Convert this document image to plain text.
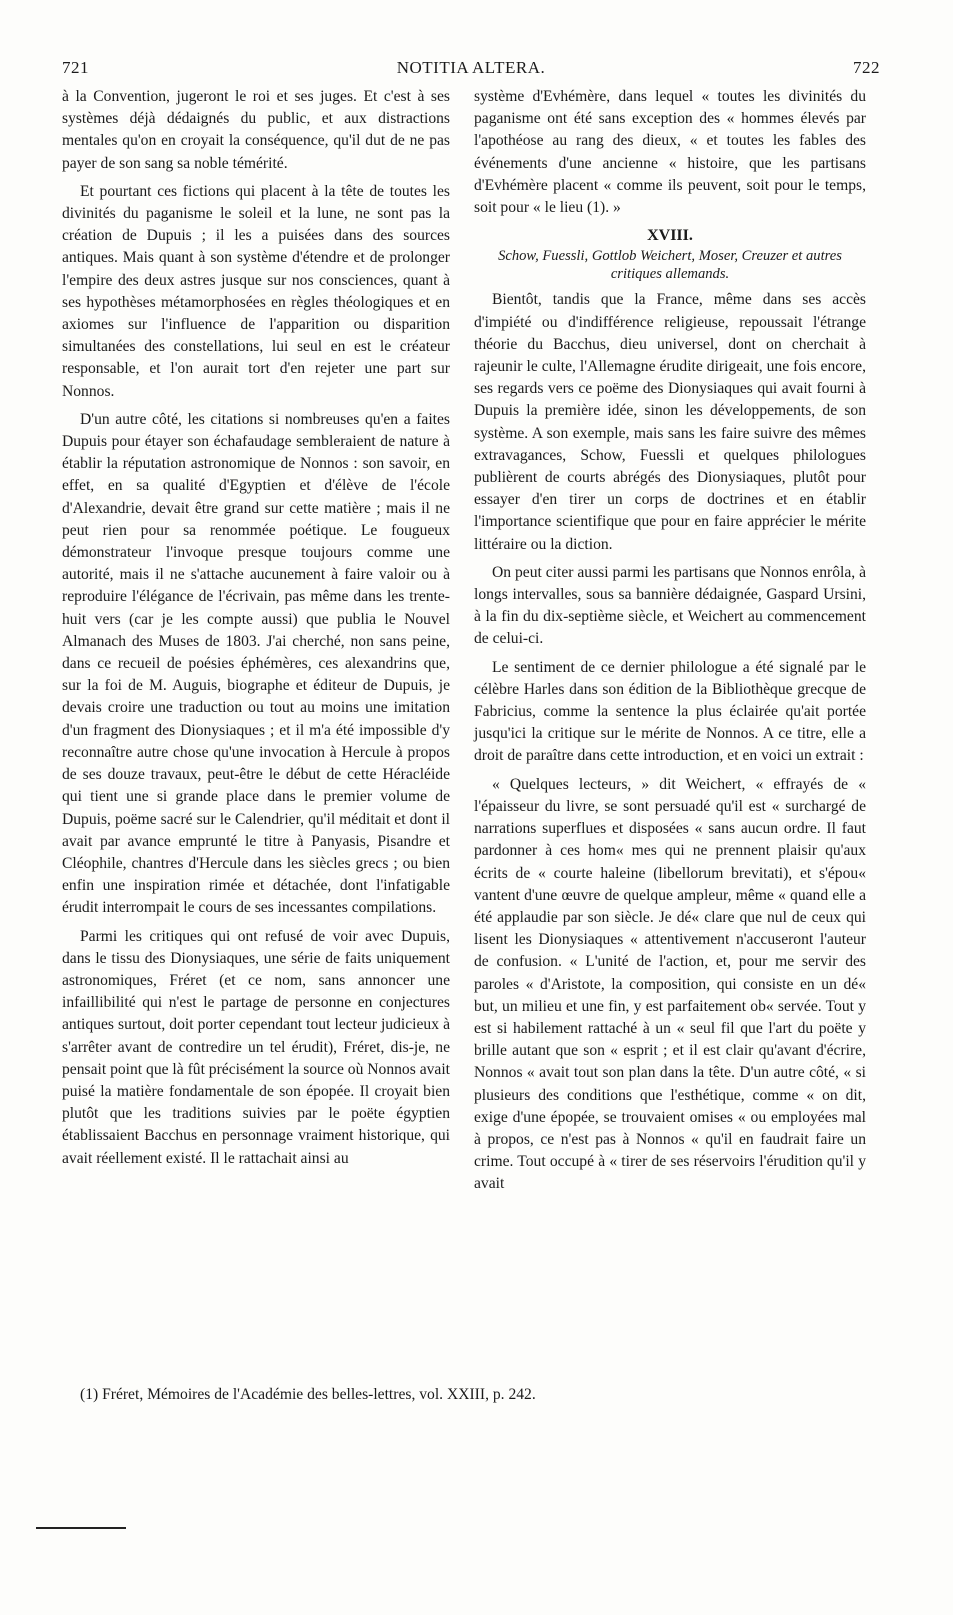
721	NOTITIA ALTERA.	722

à la Convention, jugeront le roi et ses juges. Et c'est à ses systèmes déjà dédaignés du public, et aux distractions mentales qu'on en croyait la conséquence, qu'il dut de ne pas payer de son sang sa noble témérité.

Et pourtant ces fictions qui placent à la tête de toutes les divinités du paganisme le soleil et la lune, ne sont pas la création de Dupuis ; il les a puisées dans des sources antiques. Mais quant à son système d'étendre et de prolonger l'empire des deux astres jusque sur nos consciences, quant à ses hypothèses métamorphosées en règles théologiques et en axiomes sur l'influence de l'apparition ou disparition simultanées des constellations, lui seul en est le créateur responsable, et l'on aurait tort d'en rejeter une part sur Nonnos.

D'un autre côté, les citations si nombreuses qu'en a faites Dupuis pour étayer son échafaudage sembleraient de nature à établir la réputation astronomique de Nonnos : son savoir, en effet, en sa qualité d'Egyptien et d'élève de l'école d'Alexandrie, devait être grand sur cette matière ; mais il ne peut rien pour sa renommée poétique. Le fougueux démonstrateur l'invoque presque toujours comme une autorité, mais il ne s'attache aucunement à faire valoir ou à reproduire l'élégance de l'écrivain, pas même dans les trente-huit vers (car je les compte aussi) que publia le Nouvel Almanach des Muses de 1803. J'ai cherché, non sans peine, dans ce recueil de poésies éphémères, ces alexandrins que, sur la foi de M. Auguis, biographe et éditeur de Dupuis, je devais croire une traduction ou tout au moins une imitation d'un fragment des Dionysiaques ; et il m'a été impossible d'y reconnaître autre chose qu'une invocation à Hercule à propos de ses douze travaux, peut-être le début de cette Héracléide qui tient une si grande place dans le premier volume de Dupuis, poëme sacré sur le Calendrier, qu'il méditait et dont il avait par avance emprunté le titre à Panyasis, Pisandre et Cléophile, chantres d'Hercule dans les siècles grecs ; ou bien enfin une inspiration rimée et détachée, dont l'infatigable érudit interrompait le cours de ses incessantes compilations.

Parmi les critiques qui ont refusé de voir avec Dupuis, dans le tissu des Dionysiaques, une série de faits uniquement astronomiques, Fréret (et ce nom, sans annoncer une infaillibilité qui n'est le partage de personne en conjectures antiques surtout, doit porter cependant tout lecteur judicieux à s'arrêter avant de contredire un tel érudit), Fréret, dis-je, ne pensait point que là fût précisément la source où Nonnos avait puisé la matière fondamentale de son épopée. Il croyait bien plutôt que les traditions suivies par le poëte égyptien établissaient Bacchus en personnage vraiment historique, qui avait réellement existé. Il le rattachait ainsi au

système d'Evhémère, dans lequel « toutes les divinités du paganisme ont été sans exception des « hommes élevés par l'apothéose au rang des dieux, « et toutes les fables des événements d'une ancienne « histoire, que les partisans d'Evhémère placent « comme ils peuvent, soit pour le temps, soit pour « le lieu (1). »

XVIII.
Schow, Fuessli, Gottlob Weichert, Moser, Creuzer et autres critiques allemands.

Bientôt, tandis que la France, même dans ses accès d'impiété ou d'indifférence religieuse, repoussait l'étrange théorie du Bacchus, dieu universel, dont on cherchait à rajeunir le culte, l'Allemagne érudite dirigeait, une fois encore, ses regards vers ce poëme des Dionysiaques qui avait fourni à Dupuis la première idée, sinon les développements, de son système. A son exemple, mais sans les faire suivre des mêmes extravagances, Schow, Fuessli et quelques philologues publièrent de courts abrégés des Dionysiaques, plutôt pour essayer d'en tirer un corps de doctrines et en établir l'importance scientifique que pour en faire apprécier le mérite littéraire ou la diction.

On peut citer aussi parmi les partisans que Nonnos enrôla, à longs intervalles, sous sa bannière dédaignée, Gaspard Ursini, à la fin du dix-septième siècle, et Weichert au commencement de celui-ci.

Le sentiment de ce dernier philologue a été signalé par le célèbre Harles dans son édition de la Bibliothèque grecque de Fabricius, comme la sentence la plus éclairée qu'ait portée jusqu'ici la critique sur le mérite de Nonnos. A ce titre, elle a droit de paraître dans cette introduction, et en voici un extrait :

« Quelques lecteurs, » dit Weichert, « effrayés de « l'épaisseur du livre, se sont persuadé qu'il est « surchargé de narrations superflues et disposées « sans aucun ordre. Il faut pardonner à ces hom« mes qui ne prennent plaisir qu'aux écrits de « courte haleine (libellorum brevitati), et s'épou« vantent d'une œuvre de quelque ampleur, même « quand elle a été applaudie par son siècle. Je dé« clare que nul de ceux qui lisent les Dionysiaques « attentivement n'accuseront l'auteur de confusion. « L'unité de l'action, et, pour me servir des paroles « d'Aristote, la composition, qui consiste en un dé« but, un milieu et une fin, y est parfaitement ob« servée. Tout y est si habilement rattaché à un « seul fil que l'art du poëte y brille autant que son « esprit ; et il est clair qu'avant d'écrire, Nonnos « avait tout son plan dans la tête. D'un autre côté, « si plusieurs des conditions que l'esthétique, comme « on dit, exige d'une épopée, se trouvaient omises « ou employées mal à propos, ce n'est pas à Nonnos « qu'il en faudrait faire un crime. Tout occupé à « tirer de ses réservoirs l'érudition qu'il y avait

(1) Fréret, Mémoires de l'Académie des belles-lettres, vol. XXIII, p. 242.
